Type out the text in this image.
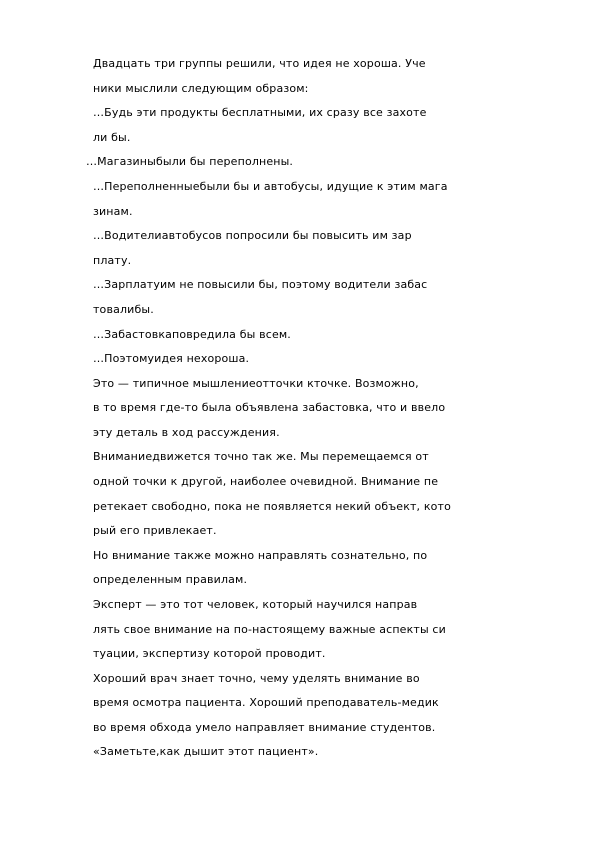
Двадцать три группы решили, что идея не хороша. Уче
ники мыслили следующим образом:
…Будь эти продукты бесплатными, их сразу все захоте
ли бы.
…Магазиныбыли бы переполнены.
…Переполненныебыли бы и автобусы, идущие к этим мага
зинам.
…Водителиавтобусов попросили бы повысить им зар
плату.
…Зарплатуим не повысили бы, поэтому водители забас
товалибы.
…Забастовкаповредила бы всем.
…Поэтомуидея нехороша.
Это — типичное мышлениеотточки кточке. Возможно,
в то время где-то была объявлена забастовка, что и ввело
эту деталь в ход рассуждения.
Вниманиедвижется точно так же. Мы перемещаемся от
одной точки к другой, наиболее очевидной. Внимание пе
ретекает свободно, пока не появляется некий объект, кото
рый его привлекает.
Но внимание также можно направлять сознательно, по
определенным правилам.
Эксперт — это тот человек, который научился направ
лять свое внимание на по-настоящему важные аспекты си
туации, экспертизу которой проводит.
Хороший врач знает точно, чему уделять внимание во
время осмотра пациента. Хороший преподаватель-медик
во время обхода умело направляет внимание студентов.
«Заметьте,как дышит этот пациент».
